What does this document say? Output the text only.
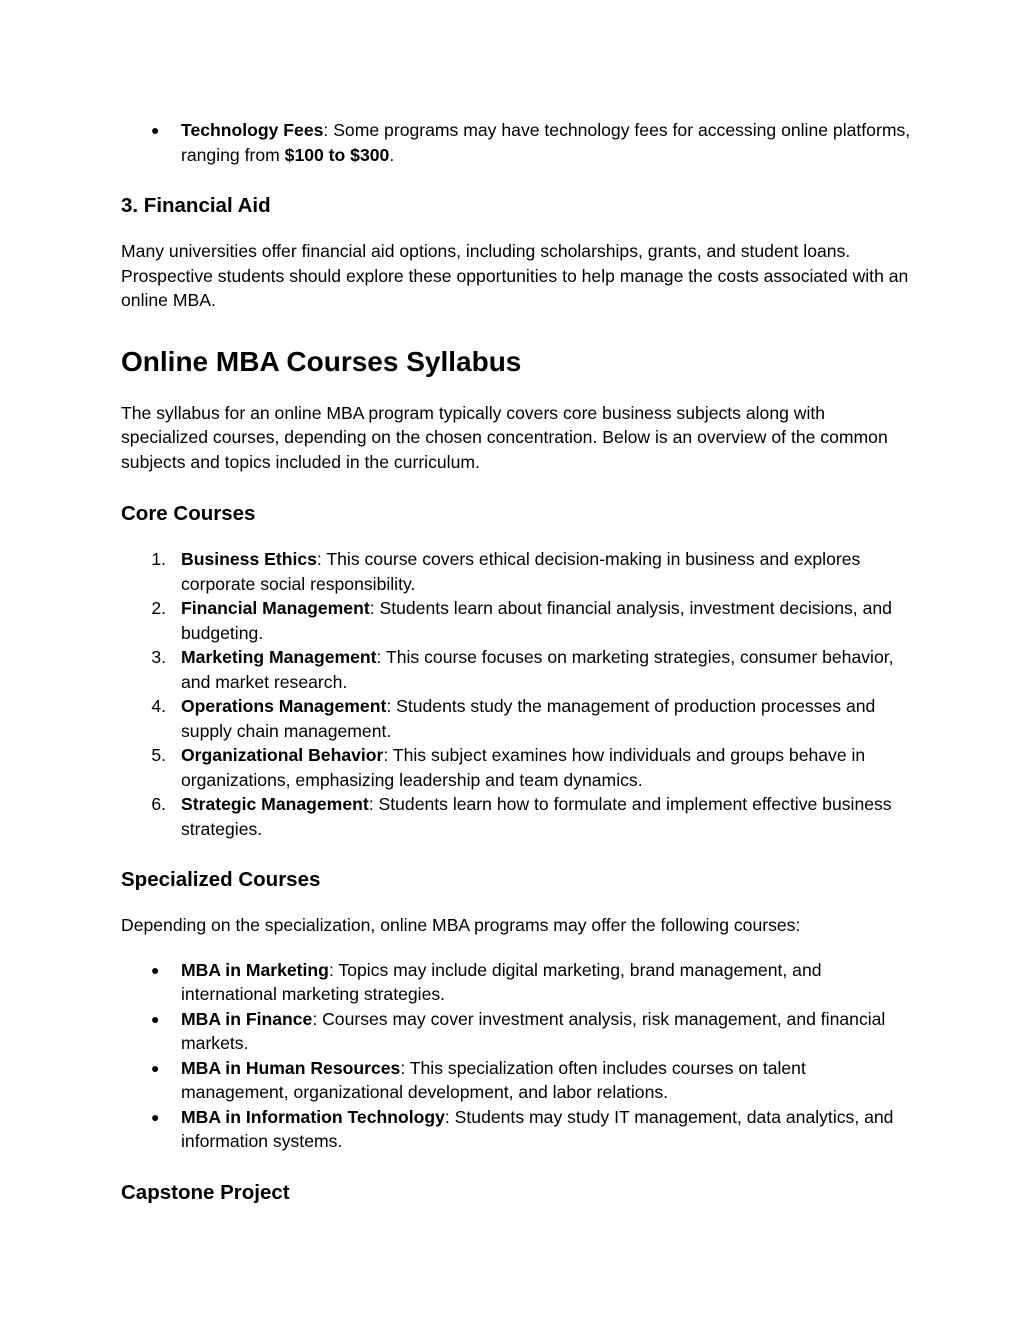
● Technology Fees: Some programs may have technology fees for accessing online platforms, ranging from $100 to $300.
3. Financial Aid

Many universities offer financial aid options, including scholarships, grants, and student loans. Prospective students should explore these opportunities to help manage the costs associated with an online MBA.

Online MBA Courses Syllabus

The syllabus for an online MBA program typically covers core business subjects along with specialized courses, depending on the chosen concentration. Below is an overview of the common subjects and topics included in the curriculum.

Core Courses
1. Business Ethics: This course covers ethical decision-making in business and explores corporate social responsibility.
2. Financial Management: Students learn about financial analysis, investment decisions, and budgeting.
3. Marketing Management: This course focuses on marketing strategies, consumer behavior, and market research.
4. Operations Management: Students study the management of production processes and supply chain management.
5. Organizational Behavior: This subject examines how individuals and groups behave in organizations, emphasizing leadership and team dynamics.
6. Strategic Management: Students learn how to formulate and implement effective business strategies.
Specialized Courses

Depending on the specialization, online MBA programs may offer the following courses:

● MBA in Marketing: Topics may include digital marketing, brand management, and international marketing strategies.
● MBA in Finance: Courses may cover investment analysis, risk management, and financial markets.
● MBA in Human Resources: This specialization often includes courses on talent management, organizational development, and labor relations.
● MBA in Information Technology: Students may study IT management, data analytics, and information systems.
Capstone Project
